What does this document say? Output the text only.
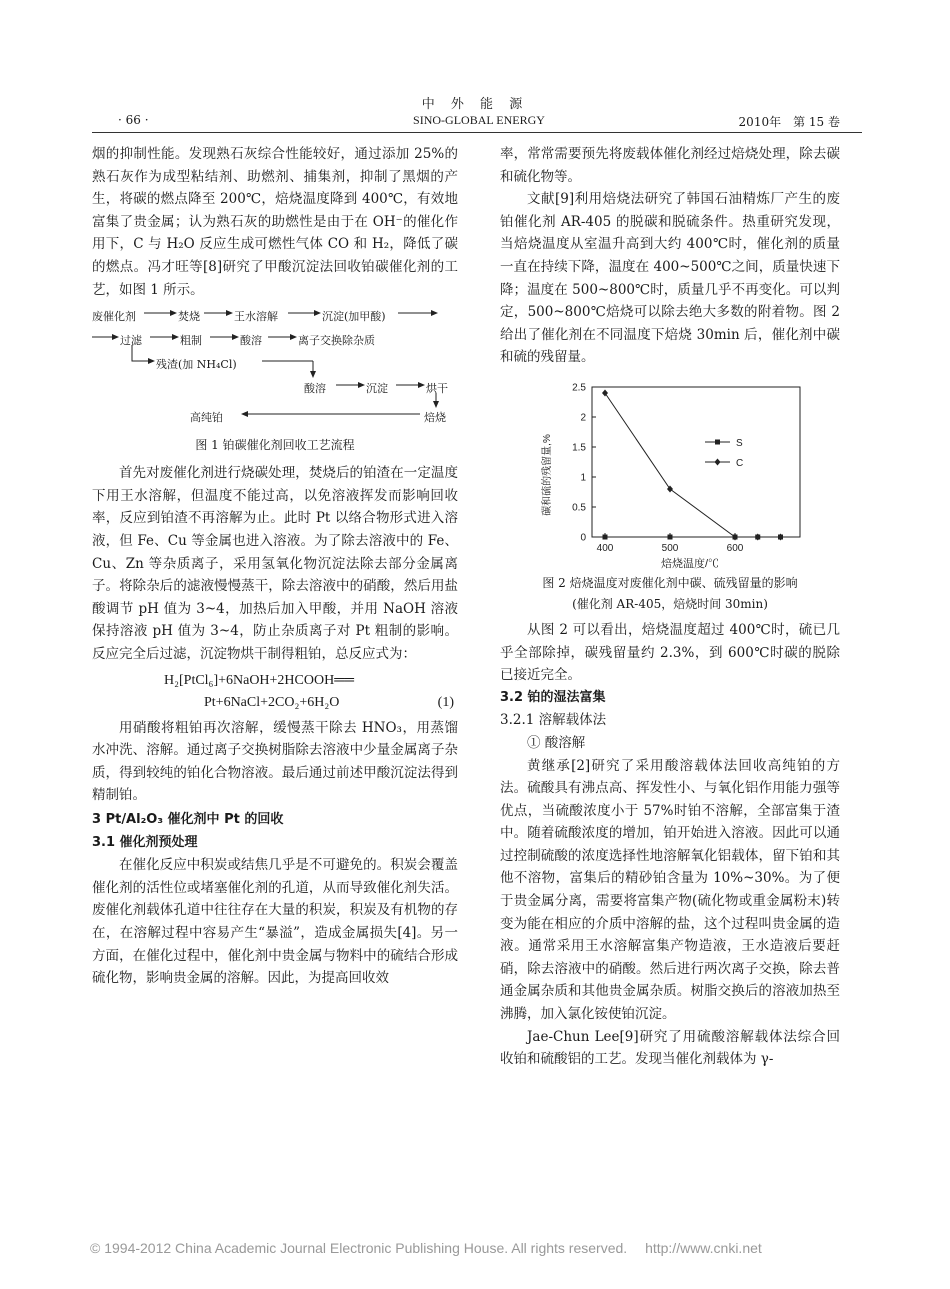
中 外 能 源
· 66 ·	SINO-GLOBAL ENERGY	2010年　第 15 卷

烟的抑制性能。发现熟石灰综合性能较好，通过添加 25%的熟石灰作为成型粘结剂、助燃剂、捕集剂，抑制了黑烟的产生，将碳的燃点降至 200℃，焙烧温度降到 400℃，有效地富集了贵金属；认为熟石灰的助燃性是由于在 OH⁻的催化作用下，C 与 H₂O 反应生成可燃性气体 CO 和 H₂，降低了碳的燃点。冯才旺等[8]研究了甲酸沉淀法回收铂碳催化剂的工艺，如图 1 所示。

废催化剂	焚烧	王水溶解	沉淀(加甲酸)
过滤	粗制	酸溶	离子交换除杂质
残渣(加 NH₄Cl)
酸溶	沉淀	烘干
高纯铂	焙烧
图 1 铂碳催化剂回收工艺流程

首先对废催化剂进行烧碳处理，焚烧后的铂渣在一定温度下用王水溶解，但温度不能过高，以免溶液挥发而影响回收率，反应到铂渣不再溶解为止。此时 Pt 以络合物形式进入溶液，但 Fe、Cu 等金属也进入溶液。为了除去溶液中的 Fe、Cu、Zn 等杂质离子，采用氢氧化物沉淀法除去部分金属离子。将除杂后的滤液慢慢蒸干，除去溶液中的硝酸，然后用盐酸调节 pH 值为 3~4，加热后加入甲酸，并用 NaOH 溶液保持溶液 pH 值为 3~4，防止杂质离子对 Pt 粗制的影响。反应完全后过滤，沉淀物烘干制得粗铂，总反应式为：

H₂[PtCl₆]+6NaOH+2HCOOH══
Pt+6NaCl+2CO₂+6H₂O	(1)

用硝酸将粗铂再次溶解，缓慢蒸干除去 HNO₃，用蒸馏水冲洗、溶解。通过离子交换树脂除去溶液中少量金属离子杂质，得到较纯的铂化合物溶液。最后通过前述甲酸沉淀法得到精制铂。

3 Pt/Al₂O₃ 催化剂中 Pt 的回收
3.1 催化剂预处理

在催化反应中积炭或结焦几乎是不可避免的。积炭会覆盖催化剂的活性位或堵塞催化剂的孔道，从而导致催化剂失活。废催化剂载体孔道中往往存在大量的积炭，积炭及有机物的存在，在溶解过程中容易产生“暴溢”，造成金属损失[4]。另一方面，在催化过程中，催化剂中贵金属与物料中的硫结合形成硫化物，影响贵金属的溶解。因此，为提高回收效

率，常常需要预先将废载体催化剂经过焙烧处理，除去碳和硫化物等。

文献[9]利用焙烧法研究了韩国石油精炼厂产生的废铂催化剂 AR-405 的脱碳和脱硫条件。热重研究发现，当焙烧温度从室温升高到大约 400℃时，催化剂的质量一直在持续下降，温度在 400~500℃之间，质量快速下降；温度在 500~800℃时，质量几乎不再变化。可以判定，500~800℃焙烧可以除去绝大多数的附着物。图 2 给出了催化剂在不同温度下焙烧 30min 后，催化剂中碳和硫的残留量。

400	500	600
0
0.5
1
1.5
2
2.5
S
C
碳和硫的残留量,%
焙烧温度/℃
图 2 焙烧温度对废催化剂中碳、硫残留量的影响
(催化剂 AR-405，焙烧时间 30min)

从图 2 可以看出，焙烧温度超过 400℃时，硫已几乎全部除掉，碳残留量约 2.3%，到 600℃时碳的脱除已接近完全。

3.2 铂的湿法富集
3.2.1 溶解载体法
① 酸溶解

黄继承[2]研究了采用酸溶载体法回收高纯铂的方法。硫酸具有沸点高、挥发性小、与氧化铝作用能力强等优点，当硫酸浓度小于 57%时铂不溶解，全部富集于渣中。随着硫酸浓度的增加，铂开始进入溶液。因此可以通过控制硫酸的浓度选择性地溶解氧化铝载体，留下铂和其他不溶物，富集后的精砂铂含量为 10%~30%。为了便于贵金属分离，需要将富集产物(硫化物或重金属粉末)转变为能在相应的介质中溶解的盐，这个过程叫贵金属的造液。通常采用王水溶解富集产物造液，王水造液后要赶硝，除去溶液中的硝酸。然后进行两次离子交换，除去普通金属杂质和其他贵金属杂质。树脂交换后的溶液加热至沸腾，加入氯化铵使铂沉淀。

Jae-Chun Lee[9]研究了用硫酸溶解载体法综合回收铂和硫酸铝的工艺。发现当催化剂载体为 γ-

© 1994-2012 China Academic Journal Electronic Publishing House. All rights reserved. http://www.cnki.net
